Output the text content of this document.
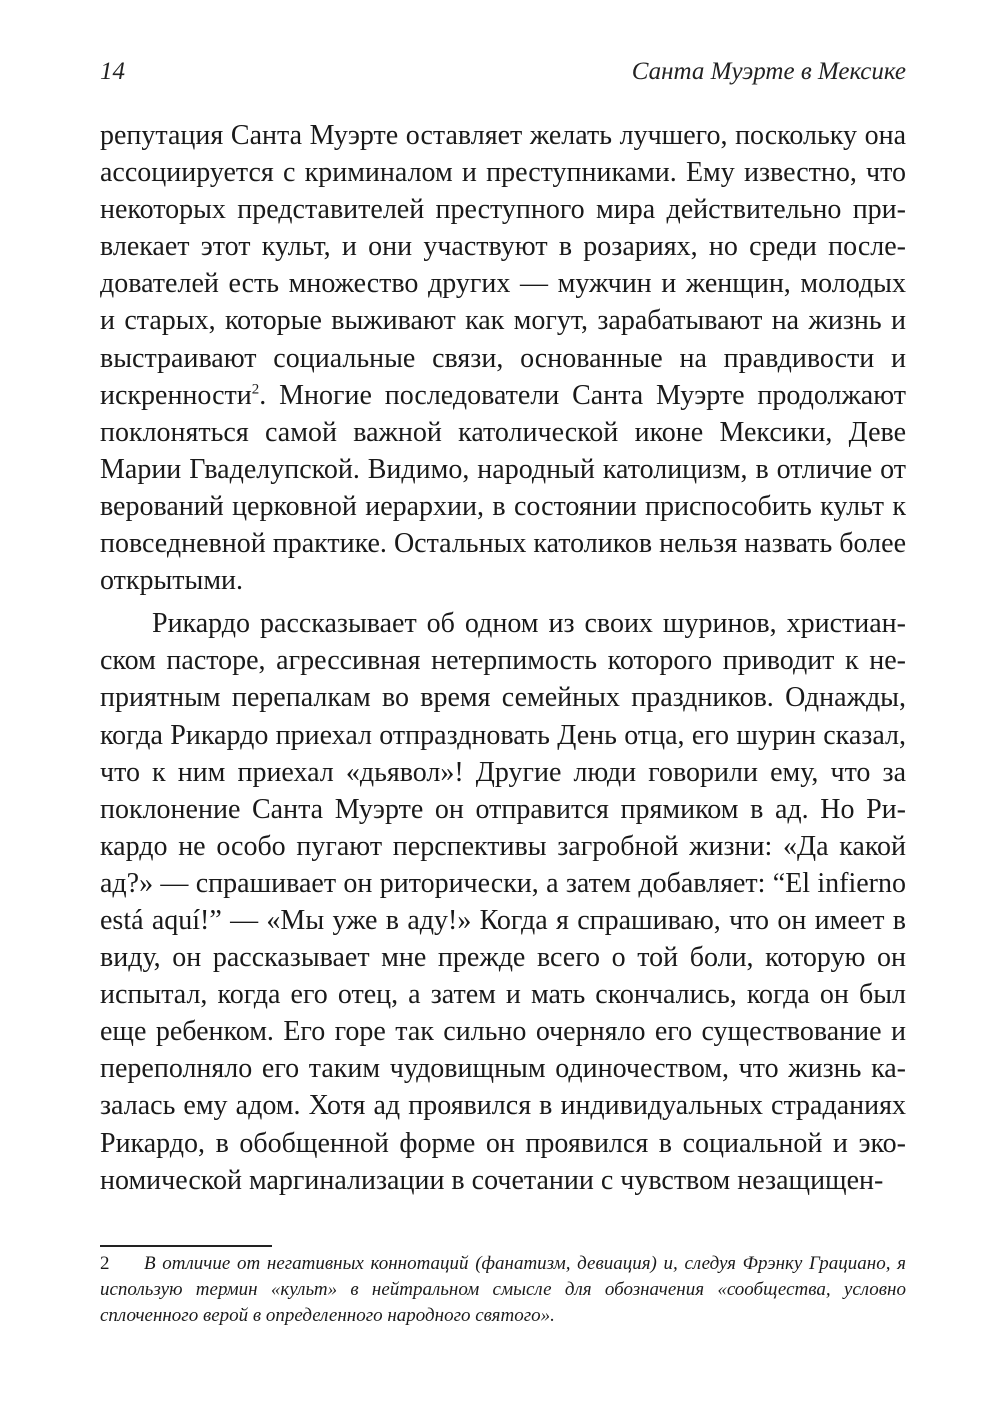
14	Санта Муэрте в Мексике

репутация Санта Муэрте оставляет желать лучшего, поскольку она ассоциируется с криминалом и преступниками. Ему известно, что некоторых представителей преступного мира действительно привлекает этот культ, и они участвуют в розариях, но среди последователей есть множество других — мужчин и женщин, молодых и старых, которые выживают как могут, зарабатывают на жизнь и выстраивают социальные связи, основанные на правдивости и искренности$^2$. Многие последователи Санта Муэрте продолжают поклоняться самой важной католической иконе Мексики, Деве Марии Гваделупской. Видимо, народный католицизм, в отличие от верований церковной иерархии, в состоянии приспособить культ к повседневной практике. Остальных католиков нельзя назвать более открытыми.

Рикардо рассказывает об одном из своих шуринов, христианском пасторе, агрессивная нетерпимость которого приводит к неприятным перепалкам во время семейных праздников. Однажды, когда Рикардо приехал отпраздновать День отца, его шурин сказал, что к ним приехал «дьявол»! Другие люди говорили ему, что за поклонение Санта Муэрте он отправится прямиком в ад. Но Рикардо не особо пугают перспективы загробной жизни: «Да какой ад?» — спрашивает он риторически, а затем добавляет: “El infierno está aquí!” — «Мы уже в аду!» Когда я спрашиваю, что он имеет в виду, он рассказывает мне прежде всего о той боли, которую он испытал, когда его отец, а затем и мать скончались, когда он был еще ребенком. Его горе так сильно очерняло его существование и переполняло его таким чудовищным одиночеством, что жизнь казалась ему адом. Хотя ад проявился в индивидуальных страданиях Рикардо, в обобщенной форме он проявился в социальной и экономической маргинализации в сочетании с чувством незащищен-

2 В отличие от негативных коннотаций (фанатизм, девиация) и, следуя Фрэнку Грациано, я использую термин «культ» в нейтральном смысле для обозначения «сообщества, условно сплоченного верой в определенного народного святого».
